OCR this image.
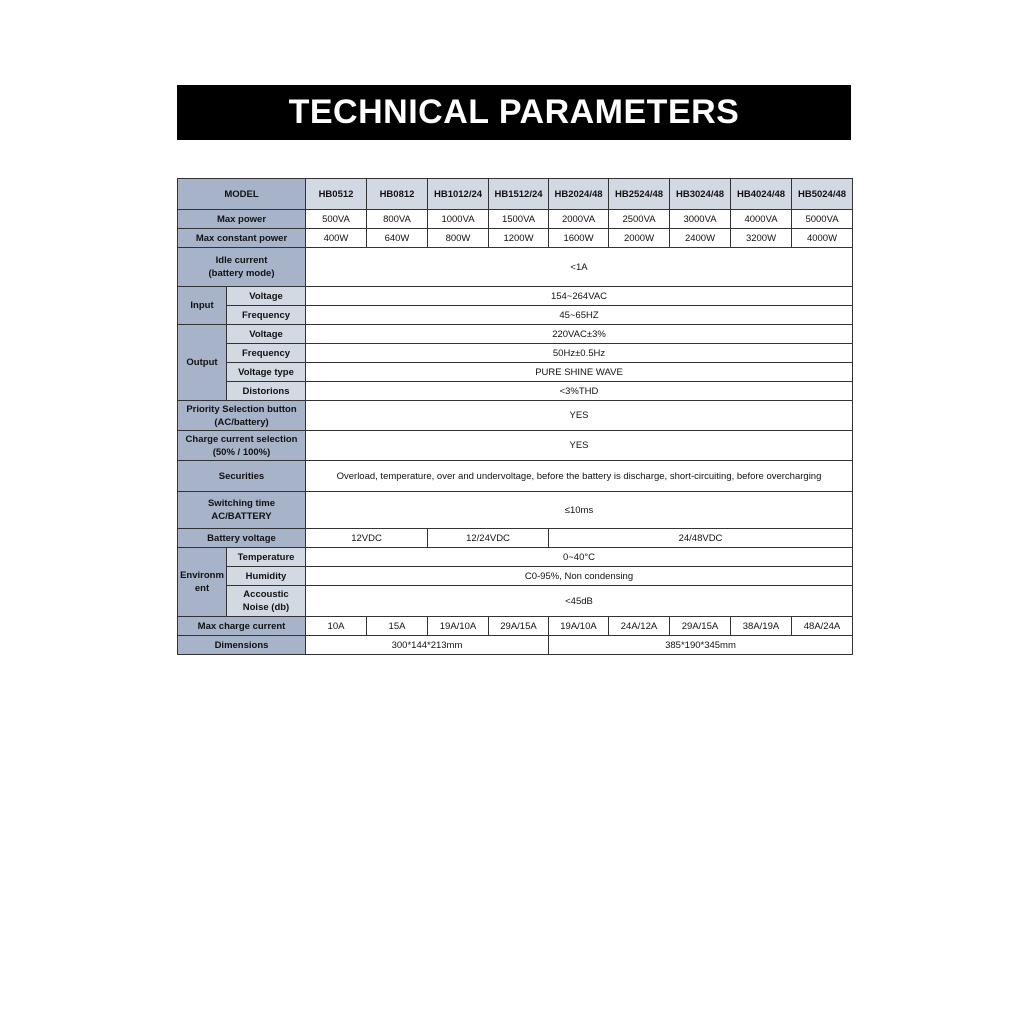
TECHNICAL PARAMETERS
MODEL		HB0512	HB0812	HB1012/24	HB1512/24	HB2024/48	HB2524/48	HB3024/48	HB4024/48	HB5024/48
Max power		500VA	800VA	1000VA	1500VA	2000VA	2500VA	3000VA	4000VA	5000VA
Max constant power		400W	640W	800W	1200W	1600W	2000W	2400W	3200W	4000W

Idle current
(battery mode)		<1A								
Input	Voltage	154~264VAC								
	Frequency	45~65HZ								
Output	Voltage	220VAC±3%								
	Frequency	50Hz±0.5Hz								
	Voltage type	PURE SHINE WAVE								
	Distorions	<3%THD								

Priority Selection button
(AC/battery)		YES								

Charge current selection
(50% / 100%)		YES								
Securities		Overload, temperature, over and undervoltage, before the battery is discharge, short-circuiting, before overcharging								

Switching time
AC/BATTERY		≤10ms								
Battery voltage		12VDC		12/24VDC		24/48VDC				

Environm
ent	Temperature	0~40°C								
	Humidity	C0-95%, Non condensing								

	Accoustic
Noise (db)	<45dB								
Max charge current		10A	15A	19A/10A	29A/15A	19A/10A	24A/12A	29A/15A	38A/19A	48A/24A
Dimensions		300*144*213mm				385*190*345mm				
